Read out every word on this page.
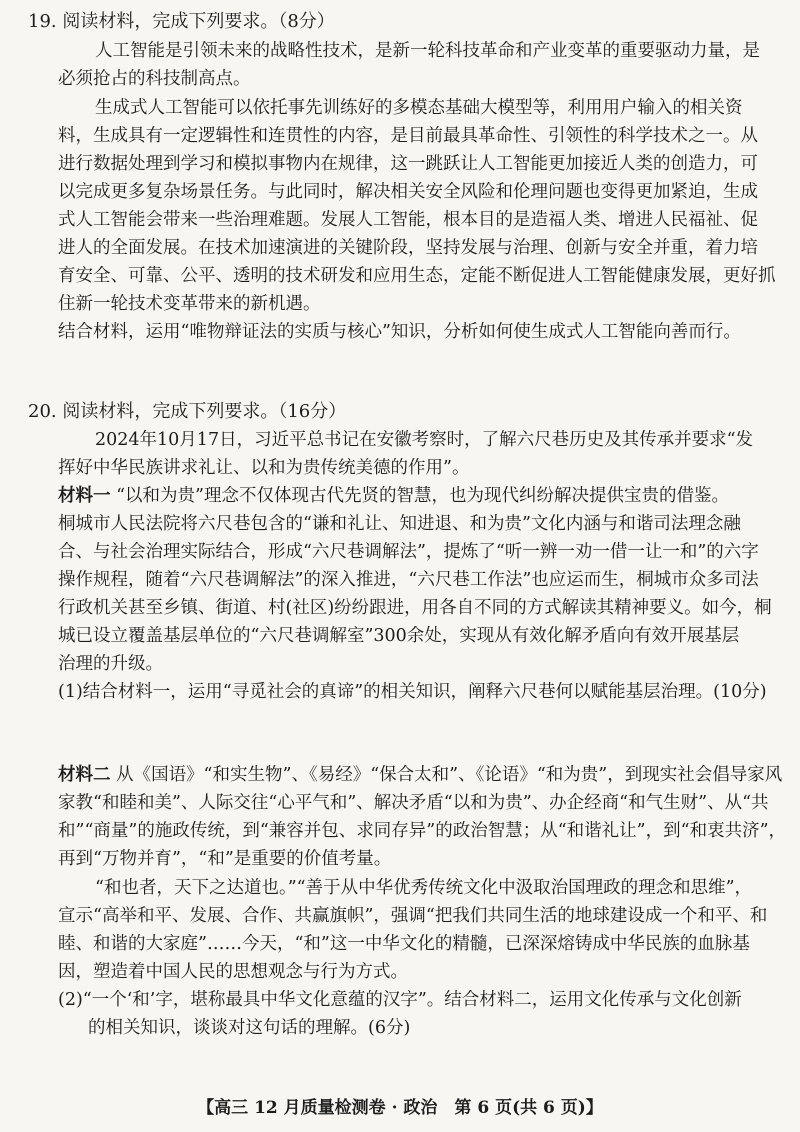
19. 阅读材料，完成下列要求。（8分）
人工智能是引领未来的战略性技术，是新一轮科技革命和产业变革的重要驱动力量，是
必须抢占的科技制高点。
生成式人工智能可以依托事先训练好的多模态基础大模型等，利用用户输入的相关资
料，生成具有一定逻辑性和连贯性的内容，是目前最具革命性、引领性的科学技术之一。从
进行数据处理到学习和模拟事物内在规律，这一跳跃让人工智能更加接近人类的创造力，可
以完成更多复杂场景任务。与此同时，解决相关安全风险和伦理问题也变得更加紧迫，生成
式人工智能会带来一些治理难题。发展人工智能，根本目的是造福人类、增进人民福祉、促
进人的全面发展。在技术加速演进的关键阶段，坚持发展与治理、创新与安全并重，着力培
育安全、可靠、公平、透明的技术研发和应用生态，定能不断促进人工智能健康发展，更好抓
住新一轮技术变革带来的新机遇。
结合材料，运用“唯物辩证法的实质与核心”知识，分析如何使生成式人工智能向善而行。
20. 阅读材料，完成下列要求。（16分）
2024年10月17日，习近平总书记在安徽考察时，了解六尺巷历史及其传承并要求“发
挥好中华民族讲求礼让、以和为贵传统美德的作用”。
材料一 “以和为贵”理念不仅体现古代先贤的智慧，也为现代纠纷解决提供宝贵的借鉴。
桐城市人民法院将六尺巷包含的“谦和礼让、知进退、和为贵”文化内涵与和谐司法理念融
合、与社会治理实际结合，形成“六尺巷调解法”，提炼了“听一辨一劝一借一让一和”的六字
操作规程，随着“六尺巷调解法”的深入推进，“六尺巷工作法”也应运而生，桐城市众多司法
行政机关甚至乡镇、街道、村(社区)纷纷跟进，用各自不同的方式解读其精神要义。如今，桐
城已设立覆盖基层单位的“六尺巷调解室”300余处，实现从有效化解矛盾向有效开展基层
治理的升级。
(1)结合材料一，运用“寻觅社会的真谛”的相关知识，阐释六尺巷何以赋能基层治理。(10分)
材料二 从《国语》“和实生物”、《易经》“保合太和”、《论语》“和为贵”，到现实社会倡导家风
家教“和睦和美”、人际交往“心平气和”、解决矛盾“以和为贵”、办企经商“和气生财”、从“共
和”“商量”的施政传统，到“兼容并包、求同存异”的政治智慧；从“和谐礼让”，到“和衷共济”，
再到“万物并育”，“和”是重要的价值考量。
“和也者，天下之达道也。”“善于从中华优秀传统文化中汲取治国理政的理念和思维”，
宣示“高举和平、发展、合作、共赢旗帜”，强调“把我们共同生活的地球建设成一个和平、和
睦、和谐的大家庭”……今天，“和”这一中华文化的精髓，已深深熔铸成中华民族的血脉基
因，塑造着中国人民的思想观念与行为方式。
(2)“一个‘和’字，堪称最具中华文化意蕴的汉字”。结合材料二，运用文化传承与文化创新
的相关知识，谈谈对这句话的理解。(6分)
【高三 12 月质量检测卷 · 政治　第 6 页(共 6 页)】
